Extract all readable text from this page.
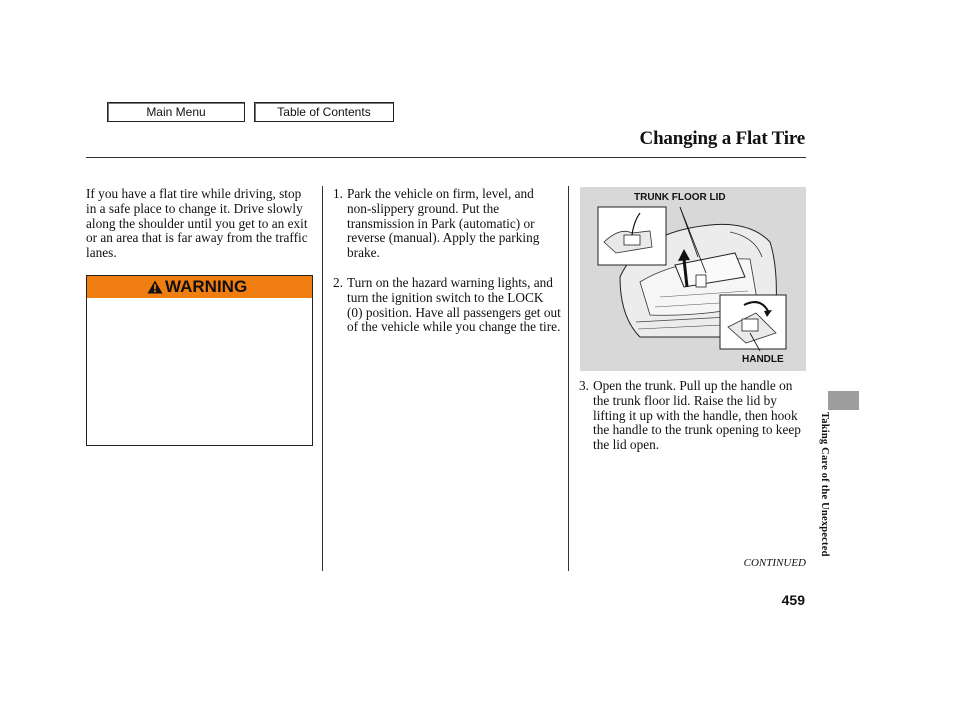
Main Menu	Table of Contents
Changing a Flat Tire

If you have a flat tire while driving, stop in a safe place to change it. Drive slowly along the shoulder until you get to an exit or an area that is far away from the traffic lanes.

WARNING
1. Park the vehicle on firm, level, and non-slippery ground. Put the transmission in Park (automatic) or reverse (manual). Apply the parking brake.
2. Turn on the hazard warning lights, and turn the ignition switch to the LOCK (0) position. Have all passengers get out of the vehicle while you change the tire.
TRUNK FLOOR LID
HANDLE
3. Open the trunk. Pull up the handle on the trunk floor lid. Raise the lid by lifting it up with the handle, then hook the handle to the trunk opening to keep the lid open.	Taking Care of the Unexpected
CONTINUED
459
